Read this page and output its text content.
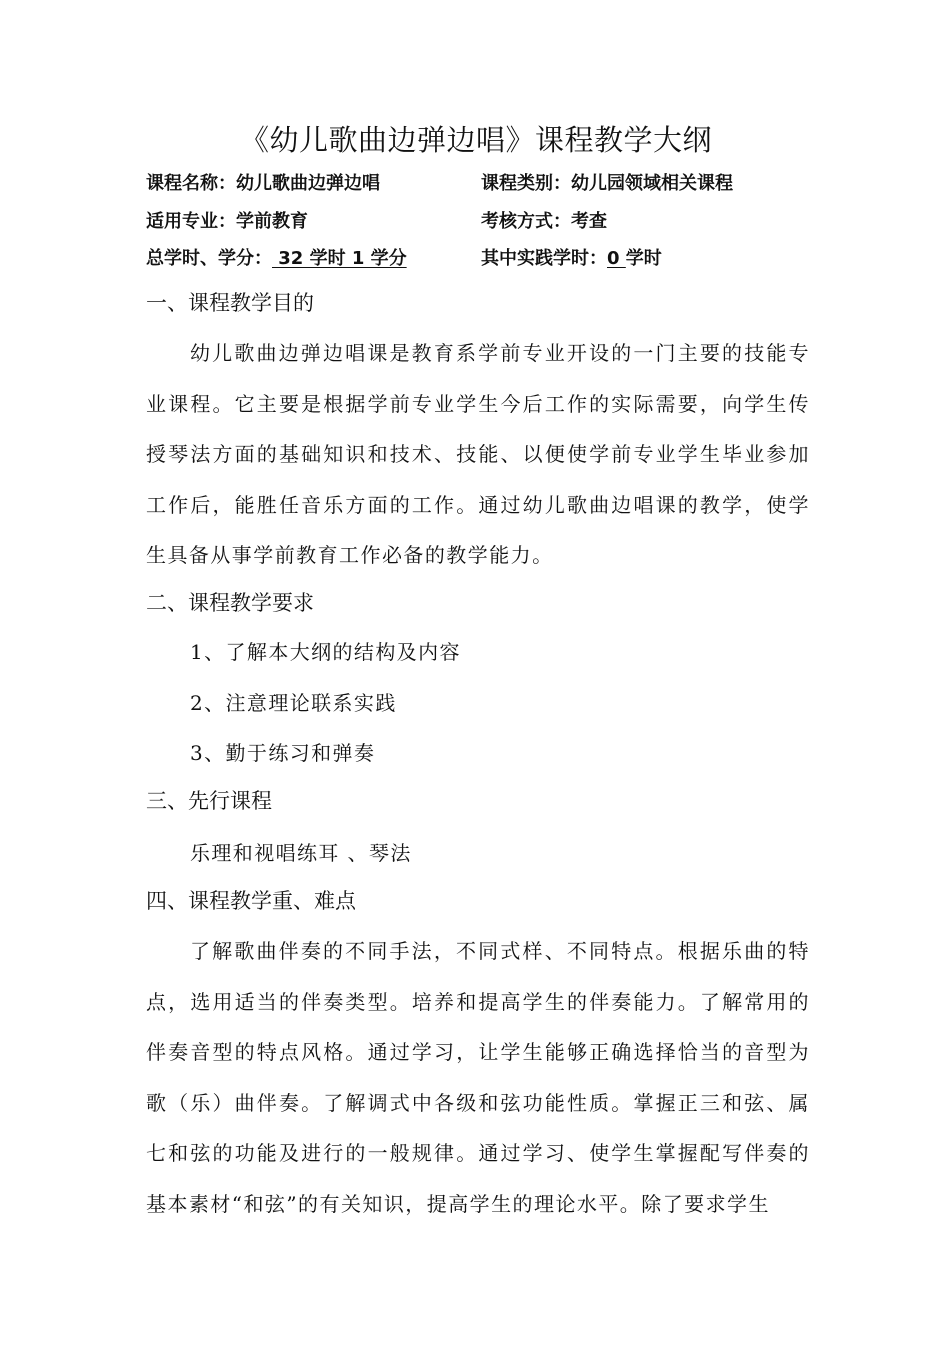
《幼儿歌曲边弹边唱》课程教学大纲
课程名称：幼儿歌曲边弹边唱	课程类别：幼儿园领域相关课程
适用专业：学前教育	考核方式：考查
总学时、学分： 32 学时 1 学分	其中实践学时：0 学时
一、课程教学目的
幼儿歌曲边弹边唱课是教育系学前专业开设的一门主要的技能专业课程。它主要是根据学前专业学生今后工作的实际需要，向学生传授琴法方面的基础知识和技术、技能、以便使学前专业学生毕业参加工作后，能胜任音乐方面的工作。通过幼儿歌曲边唱课的教学，使学生具备从事学前教育工作必备的教学能力。
二、课程教学要求
1、了解本大纲的结构及内容
2、注意理论联系实践
3、勤于练习和弹奏
三、先行课程
乐理和视唱练耳 、琴法
四、课程教学重、难点
了解歌曲伴奏的不同手法，不同式样、不同特点。根据乐曲的特点，选用适当的伴奏类型。培养和提高学生的伴奏能力。了解常用的伴奏音型的特点风格。通过学习，让学生能够正确选择恰当的音型为歌（乐）曲伴奏。了解调式中各级和弦功能性质。掌握正三和弦、属七和弦的功能及进行的一般规律。通过学习、使学生掌握配写伴奏的基本素材“和弦”的有关知识，提高学生的理论水平。除了要求学生
